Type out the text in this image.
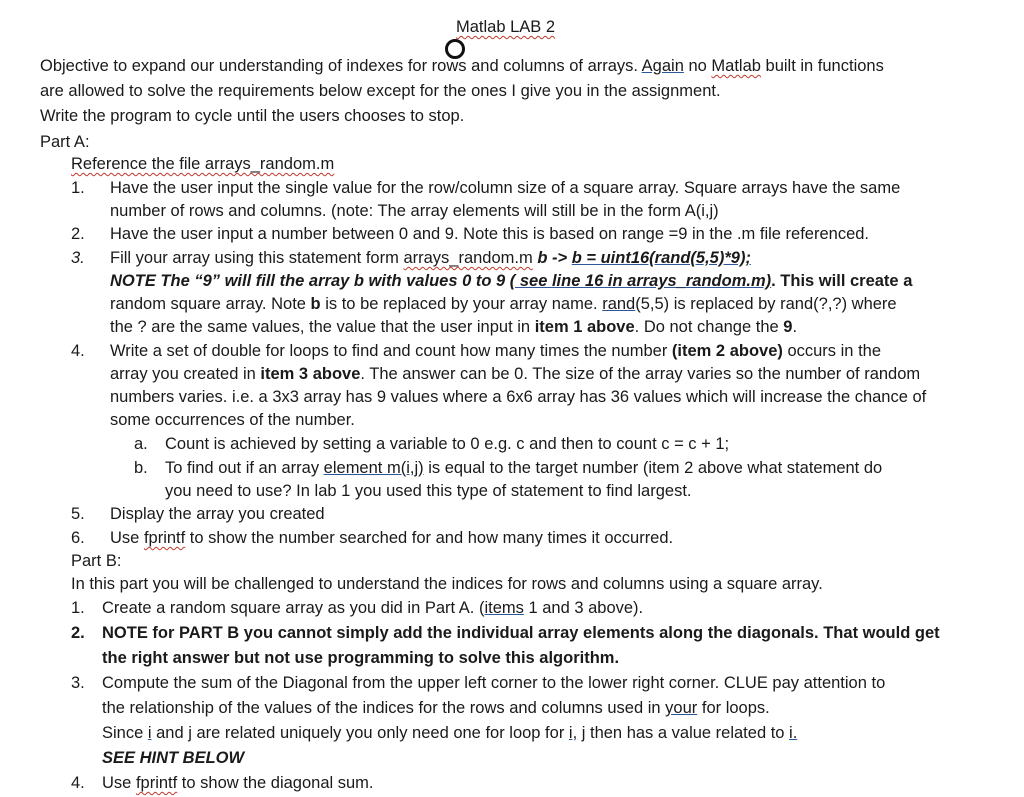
Matlab LAB 2
Objective to expand our understanding of indexes for rows and columns of arrays. Again no Matlab built in functions
are allowed to solve the requirements below except for the ones I give you in the assignment.
Write the program to cycle until the users chooses to stop.
Part A:
Reference the file arrays_random.m
1. Have the user input the single value for the row/column size of a square array. Square arrays have the same
number of rows and columns. (note: The array elements will still be in the form A(i,j)
2. Have the user input a number between 0 and 9. Note this is based on range =9 in the .m file referenced.
3. Fill your array using this statement form arrays_random.m b -> b = uint16(rand(5,5)*9);
NOTE The “9” will fill the array b with values 0 to 9 ( see line 16 in arrays_random.m). This will create a
random square array. Note b is to be replaced by your array name. rand(5,5) is replaced by rand(?,?) where
the ? are the same values, the value that the user input in item 1 above. Do not change the 9.
4. Write a set of double for loops to find and count how many times the number (item 2 above) occurs in the
array you created in item 3 above. The answer can be 0. The size of the array varies so the number of random
numbers varies. i.e. a 3x3 array has 9 values where a 6x6 array has 36 values which will increase the chance of
some occurrences of the number.
a. Count is achieved by setting a variable to 0 e.g. c and then to count c = c + 1;
b. To find out if an array element m(i,j) is equal to the target number (item 2 above what statement do
you need to use? In lab 1 you used this type of statement to find largest.
5. Display the array you created
6. Use fprintf to show the number searched for and how many times it occurred.
Part B:
In this part you will be challenged to understand the indices for rows and columns using a square array.
1. Create a random square array as you did in Part A. (items 1 and 3 above).
2. NOTE for PART B you cannot simply add the individual array elements along the diagonals. That would get
the right answer but not use programming to solve this algorithm.
3. Compute the sum of the Diagonal from the upper left corner to the lower right corner. CLUE pay attention to
the relationship of the values of the indices for the rows and columns used in your for loops.
Since i and j are related uniquely you only need one for loop for i, j then has a value related to i.
SEE HINT BELOW
4. Use fprintf to show the diagonal sum.
